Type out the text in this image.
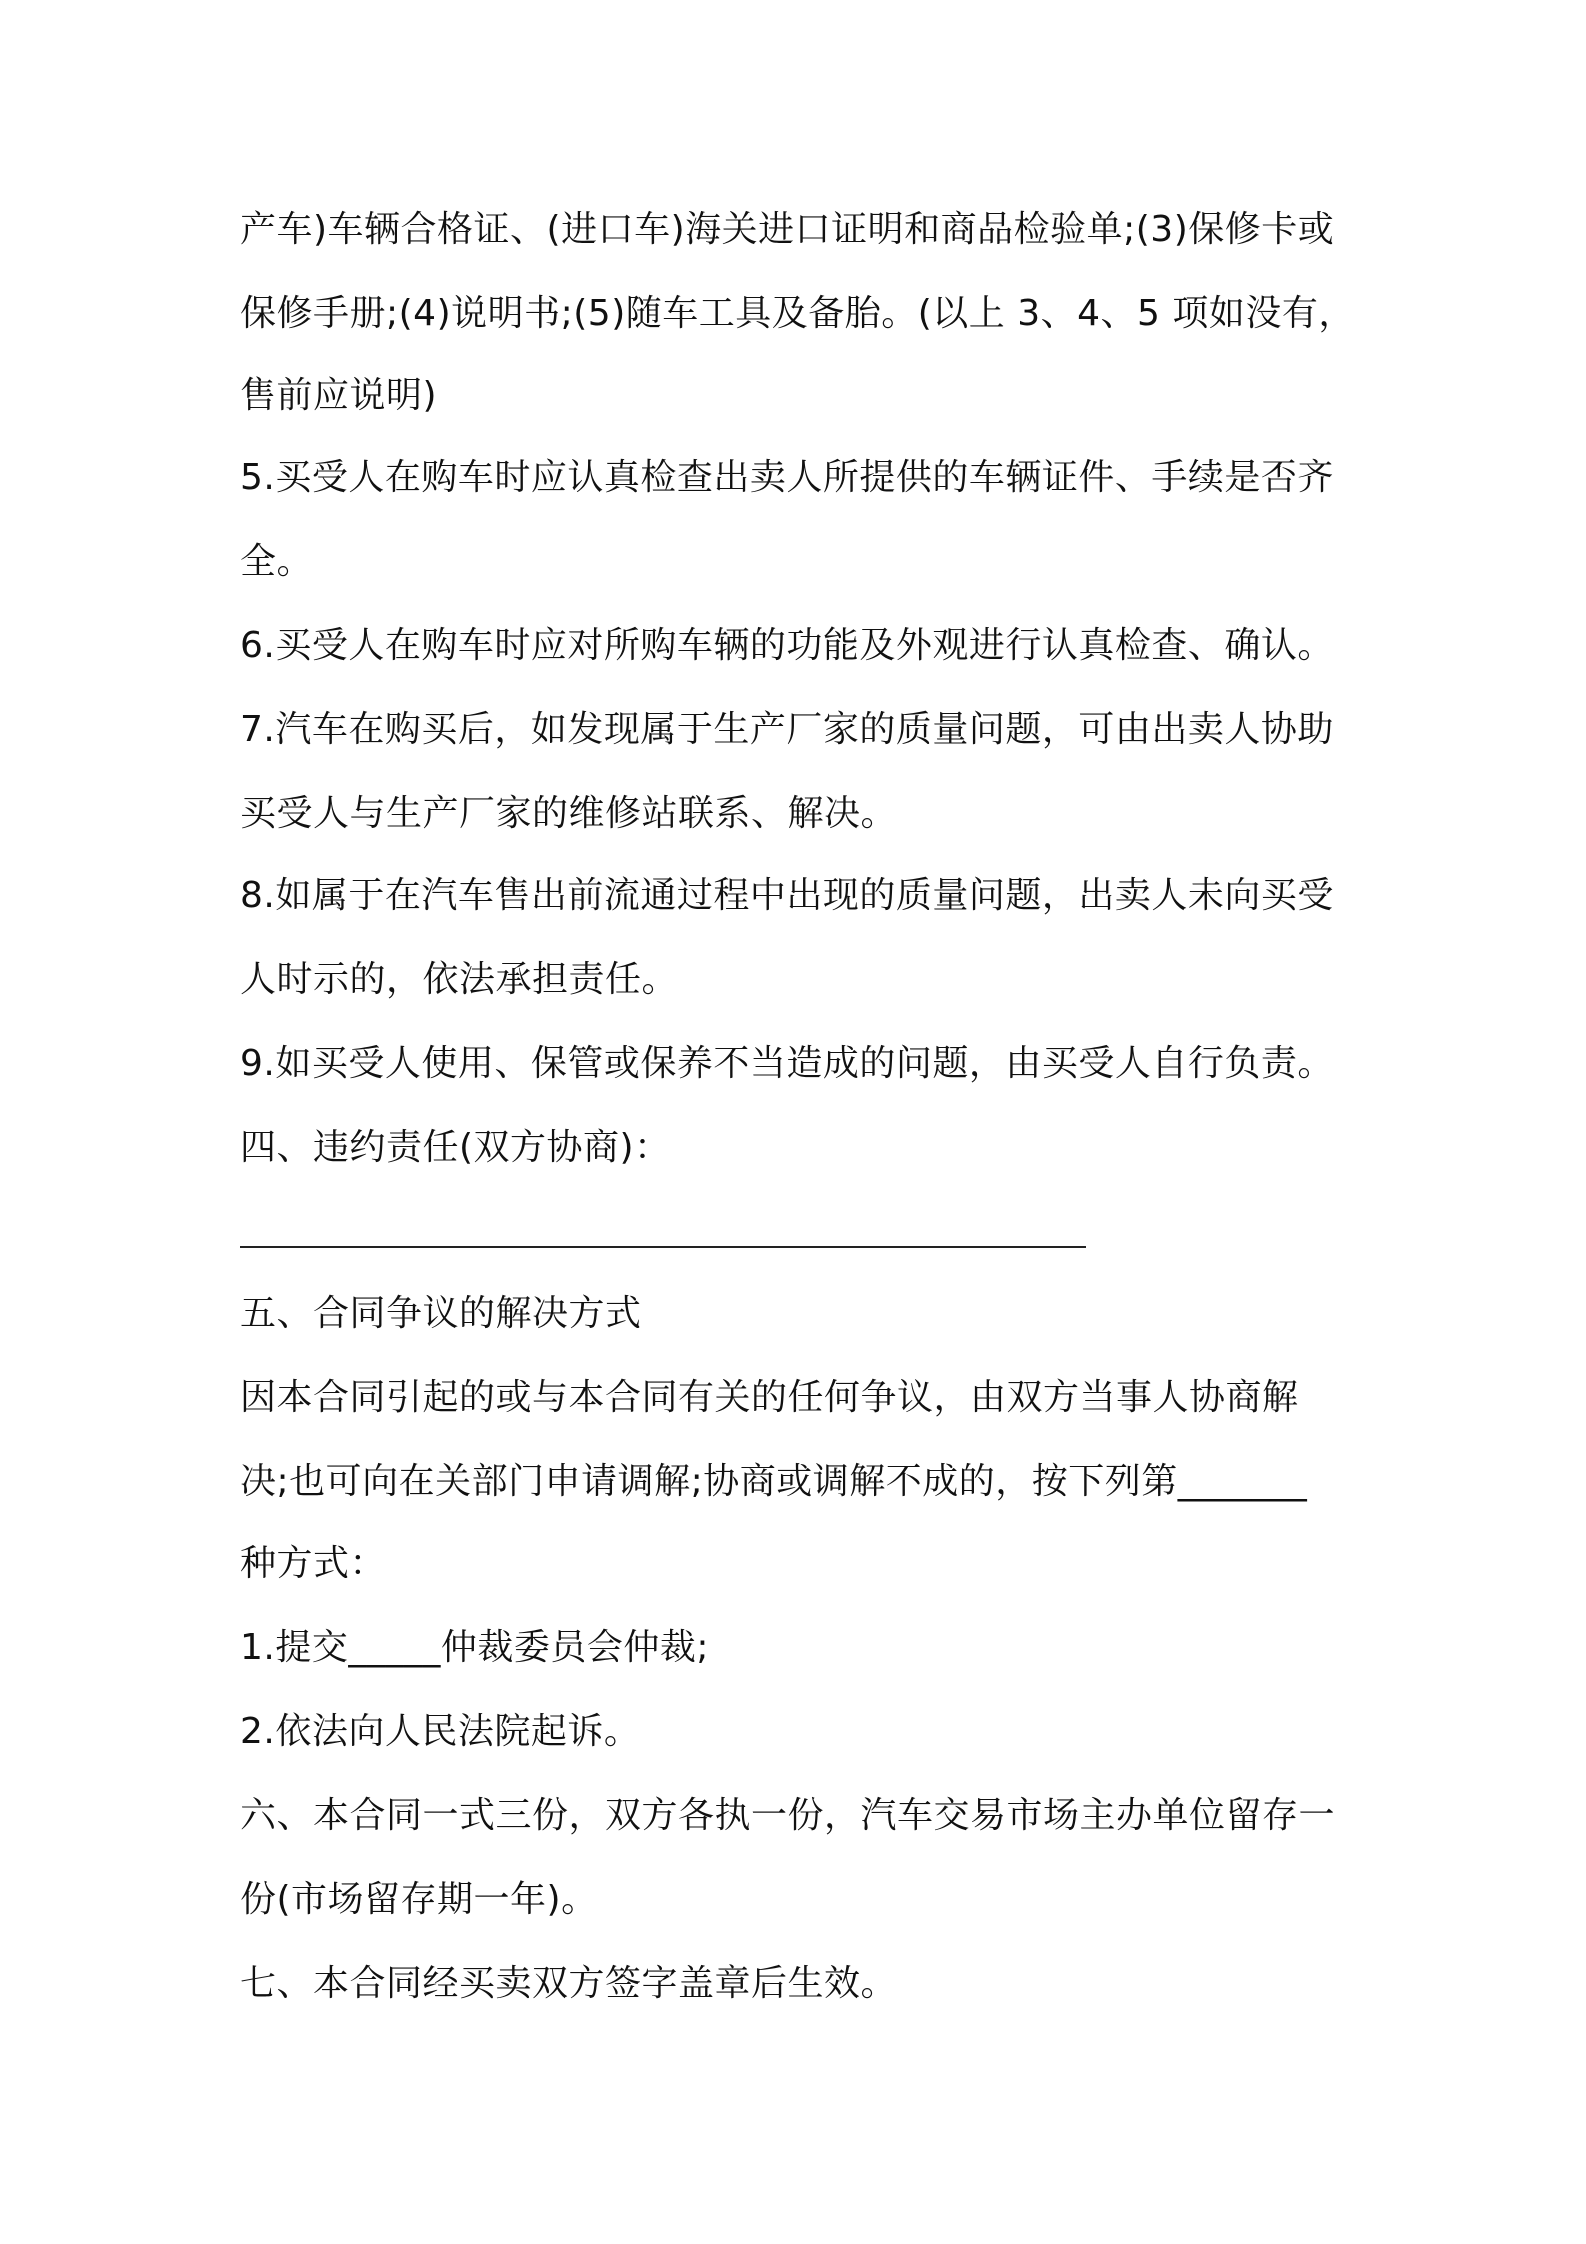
产车)车辆合格证、(进口车)海关进口证明和商品检验单;(3)保修卡或
保修手册;(4)说明书;(5)随车工具及备胎。(以上 3、4、5 项如没有，
售前应说明)
5.买受人在购车时应认真检查出卖人所提供的车辆证件、手续是否齐
全。
6.买受人在购车时应对所购车辆的功能及外观进行认真检查、确认。
7.汽车在购买后，如发现属于生产厂家的质量问题，可由出卖人协助
买受人与生产厂家的维修站联系、解决。
8.如属于在汽车售出前流通过程中出现的质量问题，出卖人未向买受
人时示的，依法承担责任。
9.如买受人使用、保管或保养不当造成的问题，由买受人自行负责。
四、违约责任(双方协商)：
五、合同争议的解决方式
因本合同引起的或与本合同有关的任何争议，由双方当事人协商解
决;也可向在关部门申请调解;协商或调解不成的，按下列第_______
种方式：
1.提交_____仲裁委员会仲裁;
2.依法向人民法院起诉。
六、本合同一式三份，双方各执一份，汽车交易市场主办单位留存一
份(市场留存期一年)。
七、本合同经买卖双方签字盖章后生效。
